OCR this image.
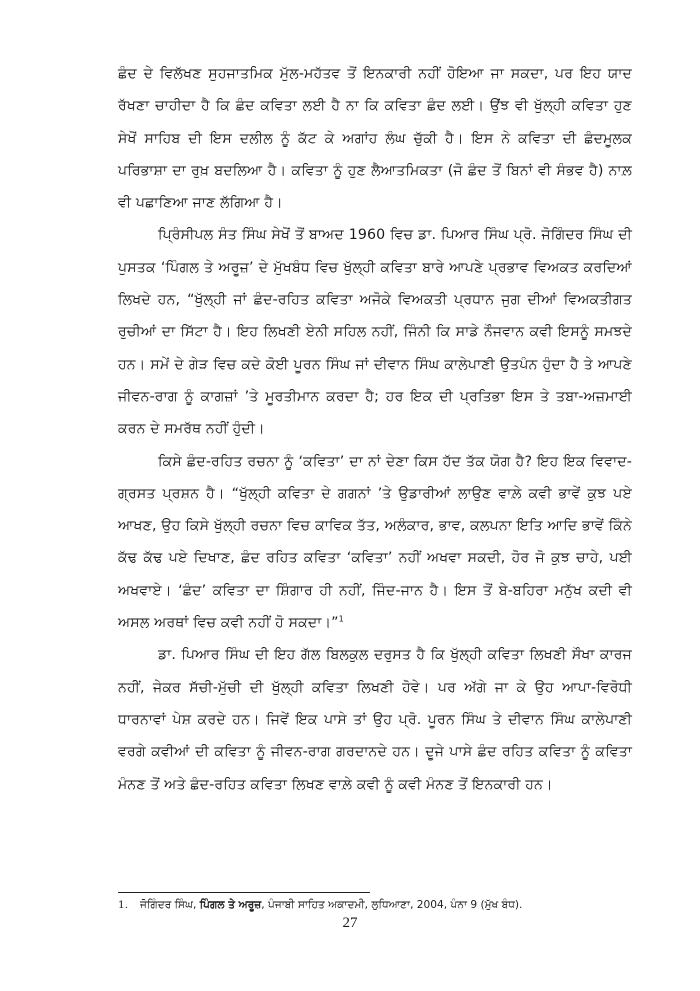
ਛੰਦ ਦੇ ਵਿਲੱਖਣ ਸੁਹਜਾਤਮਿਕ ਮੁੱਲ-ਮਹੱਤਵ ਤੋਂ ਇਨਕਾਰੀ ਨਹੀਂ ਹੋਇਆ ਜਾ ਸਕਦਾ, ਪਰ ਇਹ ਯਾਦ ਰੱਖਣਾ ਚਾਹੀਦਾ ਹੈ ਕਿ ਛੰਦ ਕਵਿਤਾ ਲਈ ਹੈ ਨਾ ਕਿ ਕਵਿਤਾ ਛੰਦ ਲਈ। ਉਂਝ ਵੀ ਖੁੱਲ੍ਹੀ ਕਵਿਤਾ ਹੁਣ ਸੇਖੋਂ ਸਾਹਿਬ ਦੀ ਇਸ ਦਲੀਲ ਨੂੰ ਕੱਟ ਕੇ ਅਗਾਂਹ ਲੰਘ ਚੁੱਕੀ ਹੈ। ਇਸ ਨੇ ਕਵਿਤਾ ਦੀ ਛੰਦਮੂਲਕ ਪਰਿਭਾਸ਼ਾ ਦਾ ਰੁਖ਼ ਬਦਲਿਆ ਹੈ। ਕਵਿਤਾ ਨੂੰ ਹੁਣ ਲੈਆਤਮਿਕਤਾ (ਜੋ ਛੰਦ ਤੋਂ ਬਿਨਾਂ ਵੀ ਸੰਭਵ ਹੈ) ਨਾਲ਼ ਵੀ ਪਛਾਣਿਆ ਜਾਣ ਲੱਗਿਆ ਹੈ।

ਪ੍ਰਿੰਸੀਪਲ ਸੰਤ ਸਿੰਘ ਸੇਖੋਂ ਤੋਂ ਬਾਅਦ 1960 ਵਿਚ ਡਾ. ਪਿਆਰ ਸਿੰਘ ਪ੍ਰੋ. ਜੋਗਿੰਦਰ ਸਿੰਘ ਦੀ ਪੁਸਤਕ ‘ਪਿੰਗਲ ਤੇ ਅਰੂਜ਼’ ਦੇ ਮੁੱਖਬੰਧ ਵਿਚ ਖੁੱਲ੍ਹੀ ਕਵਿਤਾ ਬਾਰੇ ਆਪਣੇ ਪ੍ਰਭਾਵ ਵਿਅਕਤ ਕਰਦਿਆਂ ਲਿਖਦੇ ਹਨ, “ਖੁੱਲ੍ਹੀ ਜਾਂ ਛੰਦ-ਰਹਿਤ ਕਵਿਤਾ ਅਜੋਕੇ ਵਿਅਕਤੀ ਪ੍ਰਧਾਨ ਜੁਗ ਦੀਆਂ ਵਿਅਕਤੀਗਤ ਰੁਚੀਆਂ ਦਾ ਸਿੱਟਾ ਹੈ। ਇਹ ਲਿਖਣੀ ਏਨੀ ਸਹਿਲ ਨਹੀਂ, ਜਿੰਨੀ ਕਿ ਸਾਡੇ ਨੌਜਵਾਨ ਕਵੀ ਇਸਨੂੰ ਸਮਝਦੇ ਹਨ। ਸਮੇਂ ਦੇ ਗੇੜ ਵਿਚ ਕਦੇ ਕੋਈ ਪੂਰਨ ਸਿੰਘ ਜਾਂ ਦੀਵਾਨ ਸਿੰਘ ਕਾਲੇਪਾਣੀ ਉਤਪੰਨ ਹੁੰਦਾ ਹੈ ਤੇ ਆਪਣੇ ਜੀਵਨ-ਰਾਗ ਨੂੰ ਕਾਗਜ਼ਾਂ ’ਤੇ ਮੂਰਤੀਮਾਨ ਕਰਦਾ ਹੈ; ਹਰ ਇਕ ਦੀ ਪ੍ਰਤਿਭਾ ਇਸ ਤੇ ਤਬਾ-ਅਜ਼ਮਾਈ ਕਰਨ ਦੇ ਸਮਰੱਥ ਨਹੀਂ ਹੁੰਦੀ।

ਕਿਸੇ ਛੰਦ-ਰਹਿਤ ਰਚਨਾ ਨੂੰ ‘ਕਵਿਤਾ’ ਦਾ ਨਾਂ ਦੇਣਾ ਕਿਸ ਹੱਦ ਤੱਕ ਯੋਗ ਹੈ? ਇਹ ਇਕ ਵਿਵਾਦ-ਗ੍ਰਸਤ ਪ੍ਰਸ਼ਨ ਹੈ। “ਖੁੱਲ੍ਹੀ ਕਵਿਤਾ ਦੇ ਗਗਨਾਂ ’ਤੇ ਉਡਾਰੀਆਂ ਲਾਉਣ ਵਾਲ਼ੇ ਕਵੀ ਭਾਵੇਂ ਕੁਝ ਪਏ ਆਖਣ, ਉਹ ਕਿਸੇ ਖੁੱਲ੍ਹੀ ਰਚਨਾ ਵਿਚ ਕਾਵਿਕ ਤੱਤ, ਅਲੰਕਾਰ, ਭਾਵ, ਕਲਪਨਾ ਇਤਿ ਆਦਿ ਭਾਵੇਂ ਕਿੰਨੇ ਕੱਢ ਕੱਢ ਪਏ ਦਿਖਾਣ, ਛੰਦ ਰਹਿਤ ਕਵਿਤਾ ‘ਕਵਿਤਾ’ ਨਹੀਂ ਅਖਵਾ ਸਕਦੀ, ਹੋਰ ਜੋ ਕੁਝ ਚਾਹੇ, ਪਈ ਅਖਵਾਏ। ‘ਛੰਦ’ ਕਵਿਤਾ ਦਾ ਸ਼ਿੰਗਾਰ ਹੀ ਨਹੀਂ, ਜਿੰਦ-ਜਾਨ ਹੈ। ਇਸ ਤੋਂ ਬੇ-ਬਹਿਰਾ ਮਨੁੱਖ ਕਦੀ ਵੀ ਅਸਲ ਅਰਥਾਂ ਵਿਚ ਕਵੀ ਨਹੀਂ ਹੋ ਸਕਦਾ।”$^1$

ਡਾ. ਪਿਆਰ ਸਿੰਘ ਦੀ ਇਹ ਗੱਲ ਬਿਲਕੁਲ ਦਰੁਸਤ ਹੈ ਕਿ ਖੁੱਲ੍ਹੀ ਕਵਿਤਾ ਲਿਖਣੀ ਸੌਖਾ ਕਾਰਜ ਨਹੀਂ, ਜੇਕਰ ਸੱਚੀ-ਮੁੱਚੀ ਦੀ ਖੁੱਲ੍ਹੀ ਕਵਿਤਾ ਲਿਖਣੀ ਹੋਵੇ। ਪਰ ਅੱਗੇ ਜਾ ਕੇ ਉਹ ਆਪਾ-ਵਿਰੋਧੀ ਧਾਰਨਾਵਾਂ ਪੇਸ਼ ਕਰਦੇ ਹਨ। ਜਿਵੇਂ ਇਕ ਪਾਸੇ ਤਾਂ ਉਹ ਪ੍ਰੋ. ਪੂਰਨ ਸਿੰਘ ਤੇ ਦੀਵਾਨ ਸਿੰਘ ਕਾਲੇਪਾਣੀ ਵਰਗੇ ਕਵੀਆਂ ਦੀ ਕਵਿਤਾ ਨੂੰ ਜੀਵਨ-ਰਾਗ ਗਰਦਾਨਦੇ ਹਨ। ਦੂਜੇ ਪਾਸੇ ਛੰਦ ਰਹਿਤ ਕਵਿਤਾ ਨੂੰ ਕਵਿਤਾ ਮੰਨਣ ਤੋਂ ਅਤੇ ਛੰਦ-ਰਹਿਤ ਕਵਿਤਾ ਲਿਖਣ ਵਾਲ਼ੇ ਕਵੀ ਨੂੰ ਕਵੀ ਮੰਨਣ ਤੋਂ ਇਨਕਾਰੀ ਹਨ।

1. ਜੋਗਿੰਦਰ ਸਿੰਘ, ਪਿੰਗਲ ਤੇ ਅਰੂਜ਼, ਪੰਜਾਬੀ ਸਾਹਿਤ ਅਕਾਦਮੀ, ਲੁਧਿਆਣਾ, 2004, ਪੰਨਾ 9 (ਮੁੱਖ ਬੰਧ).
27
